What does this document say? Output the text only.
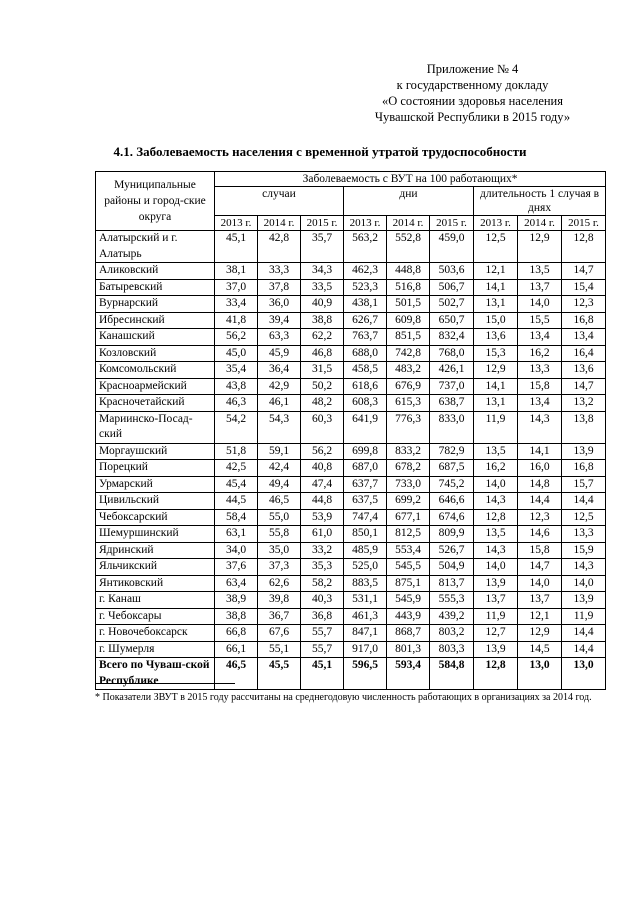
Приложение № 4
к государственному докладу
«О состоянии здоровья населения
Чувашской Республики в 2015 году»
4.1. Заболеваемость населения с временной утратой трудоспособности
Муниципальные районы и город-ские округа	Заболеваемость с ВУТ на 100 работающих*								
	случаи			дни			длительность 1 случая в днях		
	2013 г.	2014 г.	2015 г.	2013 г.	2014 г.	2015 г.	2013 г.	2014 г.	2015 г.
Алатырский и г. Алатырь	45,1	42,8	35,7	563,2	552,8	459,0	12,5	12,9	12,8
Аликовский	38,1	33,3	34,3	462,3	448,8	503,6	12,1	13,5	14,7
Батыревский	37,0	37,8	33,5	523,3	516,8	506,7	14,1	13,7	15,4
Вурнарский	33,4	36,0	40,9	438,1	501,5	502,7	13,1	14,0	12,3
Ибресинский	41,8	39,4	38,8	626,7	609,8	650,7	15,0	15,5	16,8
Канашский	56,2	63,3	62,2	763,7	851,5	832,4	13,6	13,4	13,4
Козловский	45,0	45,9	46,8	688,0	742,8	768,0	15,3	16,2	16,4
Комсомольский	35,4	36,4	31,5	458,5	483,2	426,1	12,9	13,3	13,6
Красноармейский	43,8	42,9	50,2	618,6	676,9	737,0	14,1	15,8	14,7
Красночетайский	46,3	46,1	48,2	608,3	615,3	638,7	13,1	13,4	13,2
Мариинско-Посад-ский	54,2	54,3	60,3	641,9	776,3	833,0	11,9	14,3	13,8
Моргаушский	51,8	59,1	56,2	699,8	833,2	782,9	13,5	14,1	13,9
Порецкий	42,5	42,4	40,8	687,0	678,2	687,5	16,2	16,0	16,8
Урмарский	45,4	49,4	47,4	637,7	733,0	745,2	14,0	14,8	15,7
Цивильский	44,5	46,5	44,8	637,5	699,2	646,6	14,3	14,4	14,4
Чебоксарский	58,4	55,0	53,9	747,4	677,1	674,6	12,8	12,3	12,5
Шемуршинский	63,1	55,8	61,0	850,1	812,5	809,9	13,5	14,6	13,3
Ядринский	34,0	35,0	33,2	485,9	553,4	526,7	14,3	15,8	15,9
Яльчикский	37,6	37,3	35,3	525,0	545,5	504,9	14,0	14,7	14,3
Янтиковский	63,4	62,6	58,2	883,5	875,1	813,7	13,9	14,0	14,0
г. Канаш	38,9	39,8	40,3	531,1	545,9	555,3	13,7	13,7	13,9
г. Чебоксары	38,8	36,7	36,8	461,3	443,9	439,2	11,9	12,1	11,9
г. Новочебоксарск	66,8	67,6	55,7	847,1	868,7	803,2	12,7	12,9	14,4
г. Шумерля	66,1	55,1	55,7	917,0	801,3	803,3	13,9	14,5	14,4
Всего по Чуваш-ской Республике	46,5	45,5	45,1	596,5	593,4	584,8	12,8	13,0	13,0
* Показатели ЗВУТ в 2015 году рассчитаны на среднегодовую численность работающих в организациях за 2014 год.
